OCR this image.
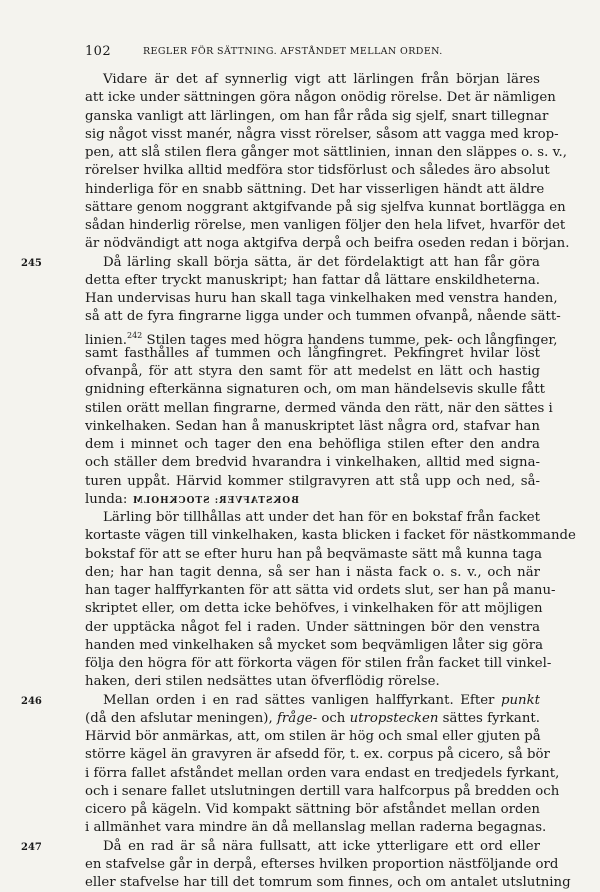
102	REGLER FÖR SÄTTNING. AFSTÅNDET MELLAN ORDEN.
Vidare är det af synnerlig vigt att lärlingen från början läres
att icke under sättningen göra någon onödig rörelse. Det är nämligen
ganska vanligt att lärlingen, om han får råda sig sjelf, snart tillegnar
sig något visst manér, några visst rörelser, såsom att vagga med krop-
pen, att slå stilen flera gånger mot sättlinien, innan den släppes o. s. v.,
rörelser hvilka alltid medföra stor tidsförlust och således äro absolut
hinderliga för en snabb sättning. Det har visserligen händt att äldre
sättare genom noggrant aktgifvande på sig sjelfva kunnat bortlägga en
sådan hinderlig rörelse, men vanligen följer den hela lifvet, hvarför det
är nödvändigt att noga aktgifva derpå och beifra oseden redan i början.
245	Då lärling skall börja sätta, är det fördelaktigt att han får göra
detta efter tryckt manuskript; han fattar då lättare enskildheterna.
Han undervisas huru han skall taga vinkelhaken med venstra handen,
så att de fyra fingrarne ligga under och tummen ofvanpå, nående sätt-
linien.$^{242}$ Stilen tages med högra handens tumme, pek- och långfinger,
samt fasthålles af tummen och långfingret. Pekfingret hvilar löst
ofvanpå, för att styra den samt för att medelst en lätt och hastig
gnidning efterkänna signaturen och, om man händelsevis skulle fått
stilen orätt mellan fingrarne, dermed vända den rätt, när den sättes i
vinkelhaken. Sedan han å manuskriptet läst några ord, stafvar han
dem i minnet och tager den ena behöfliga stilen efter den andra
och ställer dem bredvid hvarandra i vinkelhaken, alltid med signa-
turen uppåt. Härvid kommer stilgravyren att stå upp och ned, så-
lunda: BOKSTAFVER: STOCKHOLM
Lärling bör tillhållas att under det han för en bokstaf från facket
kortaste vägen till vinkelhaken, kasta blicken i facket för nästkommande
bokstaf för att se efter huru han på beqvämaste sätt må kunna taga
den; har han tagit denna, så ser han i nästa fack o. s. v., och när
han tager halffyrkanten för att sätta vid ordets slut, ser han på manu-
skriptet eller, om detta icke behöfves, i vinkelhaken för att möjligen
der upptäcka något fel i raden. Under sättningen bör den venstra
handen med vinkelhaken så mycket som beqvämligen låter sig göra
följa den högra för att förkorta vägen för stilen från facket till vinkel-
haken, deri stilen nedsättes utan öfverflödig rörelse.
246	Mellan orden i en rad sättes vanligen halffyrkant. Efter punkt
(då den afslutar meningen), fråge- och utropstecken sättes fyrkant.
Härvid bör anmärkas, att, om stilen är hög och smal eller gjuten på
större kägel än gravyren är afsedd för, t. ex. corpus på cicero, så bör
i förra fallet afståndet mellan orden vara endast en tredjedels fyrkant,
och i senare fallet utslutningen dertill vara halfcorpus på bredden och
cicero på kägeln. Vid kompakt sättning bör afståndet mellan orden
i allmänhet vara mindre än då mellanslag mellan raderna begagnas.
247	Då en rad är så nära fullsatt, att icke ytterligare ett ord eller
en stafvelse går in derpå, efterses hvilken proportion nästföljande ord
eller stafvelse har till det tomrum som finnes, och om antalet utslutning
